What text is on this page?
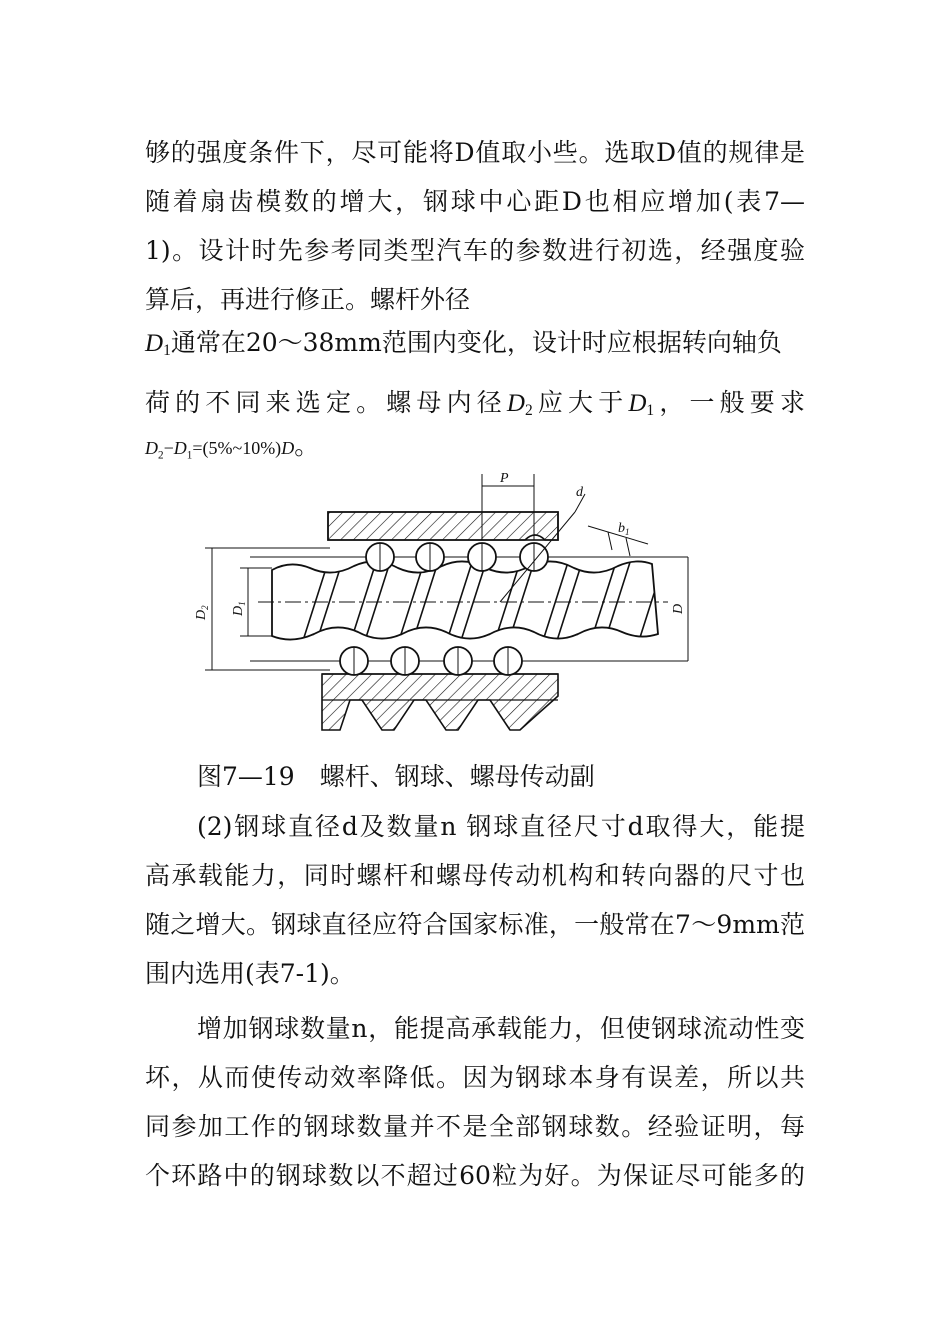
够的强度条件下，尽可能将D值取小些。选取D值的规律是
随着扇齿模数的增大，钢球中心距D也相应增加(表7—
1)。设计时先参考同类型汽车的参数进行初选，经强度验
算后，再进行修正。螺杆外径
$D_1$通常在20～38mm范围内变化，设计时应根据转向轴负
荷的不同来选定。螺母内径$D_2$应大于$D_1$，一般要求
$D_2-D_1=(5\%\sim 10\%)D$。
P
d
$b_1$
$D_2$ $D_1$
D
图7—19　螺杆、钢球、螺母传动副
(2)钢球直径d及数量n 钢球直径尺寸d取得大，能提
高承载能力，同时螺杆和螺母传动机构和转向器的尺寸也
随之增大。钢球直径应符合国家标准，一般常在7～9mm范
围内选用(表7-1)。
增加钢球数量n，能提高承载能力，但使钢球流动性变
坏，从而使传动效率降低。因为钢球本身有误差，所以共
同参加工作的钢球数量并不是全部钢球数。经验证明，每
个环路中的钢球数以不超过60粒为好。为保证尽可能多的
